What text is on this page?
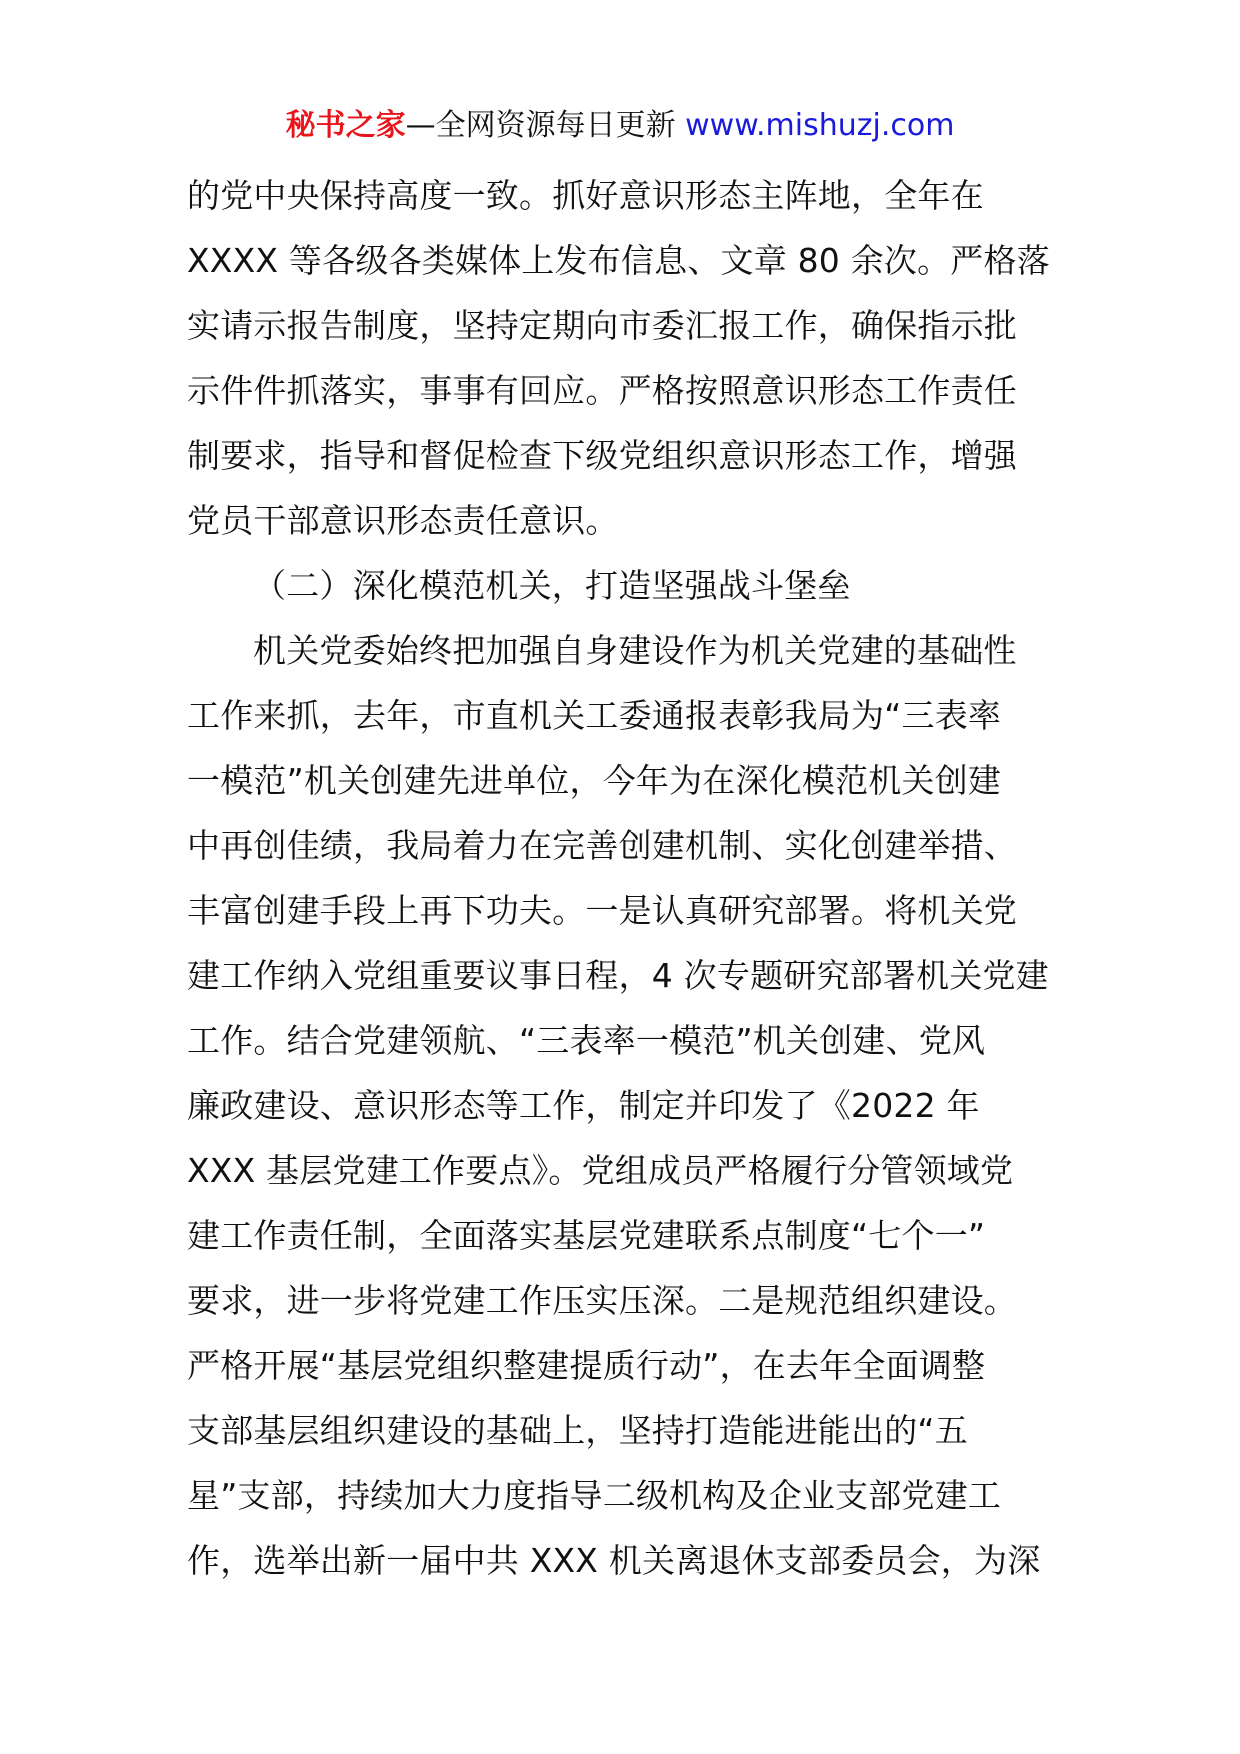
秘书之家—全网资源每日更新 www.mishuzj.com
的党中央保持高度一致。抓好意识形态主阵地，全年在
XXXX 等各级各类媒体上发布信息、文章 80 余次。严格落
实请示报告制度，坚持定期向市委汇报工作，确保指示批
示件件抓落实，事事有回应。严格按照意识形态工作责任
制要求，指导和督促检查下级党组织意识形态工作，增强
党员干部意识形态责任意识。
（二）深化模范机关，打造坚强战斗堡垒
机关党委始终把加强自身建设作为机关党建的基础性
工作来抓，去年，市直机关工委通报表彰我局为“三表率
一模范”机关创建先进单位，今年为在深化模范机关创建
中再创佳绩，我局着力在完善创建机制、实化创建举措、
丰富创建手段上再下功夫。一是认真研究部署。将机关党
建工作纳入党组重要议事日程，4 次专题研究部署机关党建
工作。结合党建领航、“三表率一模范”机关创建、党风
廉政建设、意识形态等工作，制定并印发了《2022 年
XXX 基层党建工作要点》。党组成员严格履行分管领域党
建工作责任制，全面落实基层党建联系点制度“七个一”
要求，进一步将党建工作压实压深。二是规范组织建设。
严格开展“基层党组织整建提质行动”，在去年全面调整
支部基层组织建设的基础上，坚持打造能进能出的“五
星”支部，持续加大力度指导二级机构及企业支部党建工
作，选举出新一届中共 XXX 机关离退休支部委员会，为深
